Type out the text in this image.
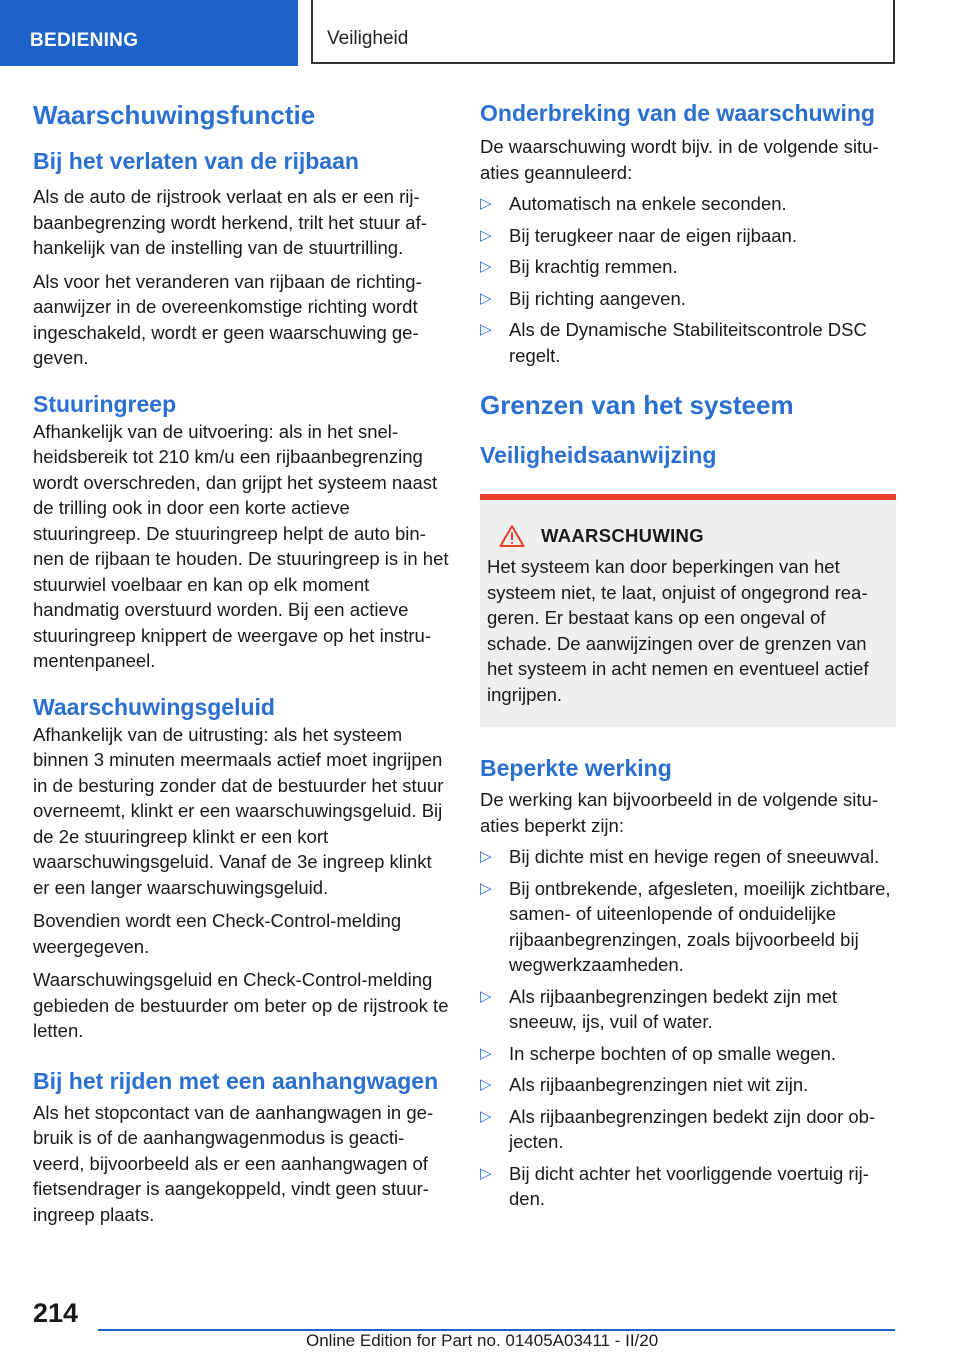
BEDIENING	Veiligheid
Waarschuwingsfunctie
Bij het verlaten van de rijbaan

Als de auto de rijstrook verlaat en als er een rijbaanbegrenzing wordt herkend, trilt het stuur afhankelijk van de instelling van de stuurtrilling.

Als voor het veranderen van rijbaan de richtingaanwijzer in de overeenkomstige richting wordt ingeschakeld, wordt er geen waarschuwing gegeven.

Stuuringreep

Afhankelijk van de uitvoering: als in het snelheidsbereik tot 210 km/u een rijbaanbegrenzing wordt overschreden, dan grijpt het systeem naast de trilling ook in door een korte actieve stuuringreep. De stuuringreep helpt de auto binnen de rijbaan te houden. De stuuringreep is in het stuurwiel voelbaar en kan op elk moment handmatig overstuurd worden. Bij een actieve stuuringreep knippert de weergave op het instrumentenpaneel.

Waarschuwingsgeluid

Afhankelijk van de uitrusting: als het systeem binnen 3 minuten meermaals actief moet ingrijpen in de besturing zonder dat de bestuurder het stuur overneemt, klinkt er een waarschuwingsgeluid. Bij de 2e stuuringreep klinkt er een kort waarschuwingsgeluid. Vanaf de 3e ingreep klinkt er een langer waarschuwingsgeluid.

Bovendien wordt een Check-Control-melding weergegeven.

Waarschuwingsgeluid en Check-Control-melding gebieden de bestuurder om beter op de rijstrook te letten.

Bij het rijden met een aanhangwagen

Als het stopcontact van de aanhangwagen in gebruik is of de aanhangwagenmodus is geactiveerd, bijvoorbeeld als er een aanhangwagen of fietsendrager is aangekoppeld, vindt geen stuuringreep plaats.

Onderbreking van de waarschuwing

De waarschuwing wordt bijv. in de volgende situaties geannuleerd:

▷ Automatisch na enkele seconden.
▷ Bij terugkeer naar de eigen rijbaan.
▷ Bij krachtig remmen.
▷ Bij richting aangeven.
▷ Als de Dynamische Stabiliteitscontrole DSC regelt.
Grenzen van het systeem
Veiligheidsaanwijzing
WAARSCHUWING

Het systeem kan door beperkingen van het systeem niet, te laat, onjuist of ongegrond reageren. Er bestaat kans op een ongeval of schade. De aanwijzingen over de grenzen van het systeem in acht nemen en eventueel actief ingrijpen.

Beperkte werking

De werking kan bijvoorbeeld in de volgende situaties beperkt zijn:

▷ Bij dichte mist en hevige regen of sneeuwval.
▷ Bij ontbrekende, afgesleten, moeilijk zichtbare, samen- of uiteenlopende of onduidelijke rijbaanbegrenzingen, zoals bijvoorbeeld bij wegwerkzaamheden.
▷ Als rijbaanbegrenzingen bedekt zijn met sneeuw, ijs, vuil of water.
▷ In scherpe bochten of op smalle wegen.
▷ Als rijbaanbegrenzingen niet wit zijn.
▷ Als rijbaanbegrenzingen bedekt zijn door objecten.
▷ Bij dicht achter het voorliggende voertuig rijden.
214
Online Edition for Part no. 01405A03411 - II/20
